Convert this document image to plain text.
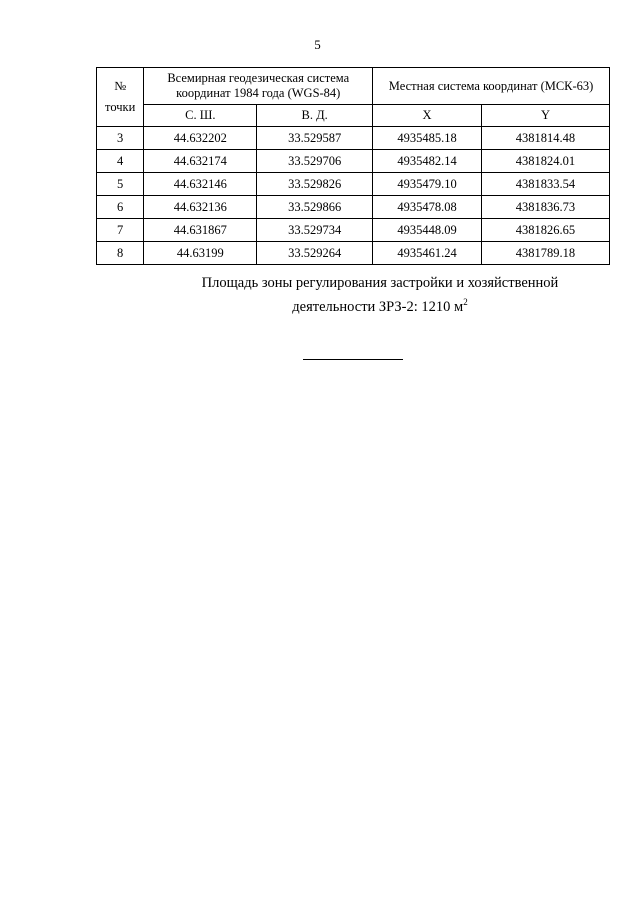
5
№
точки	Всемирная геодезическая система координат 1984 года (WGS-84)		Местная система координат (МСК-63)	
	С. Ш.	В. Д.	X	Y
3	44.632202	33.529587	4935485.18	4381814.48
4	44.632174	33.529706	4935482.14	4381824.01
5	44.632146	33.529826	4935479.10	4381833.54
6	44.632136	33.529866	4935478.08	4381836.73
7	44.631867	33.529734	4935448.09	4381826.65
8	44.63199	33.529264	4935461.24	4381789.18
Площадь зоны регулирования застройки и хозяйственной
деятельности ЗРЗ-2: 1210 $м^2$
